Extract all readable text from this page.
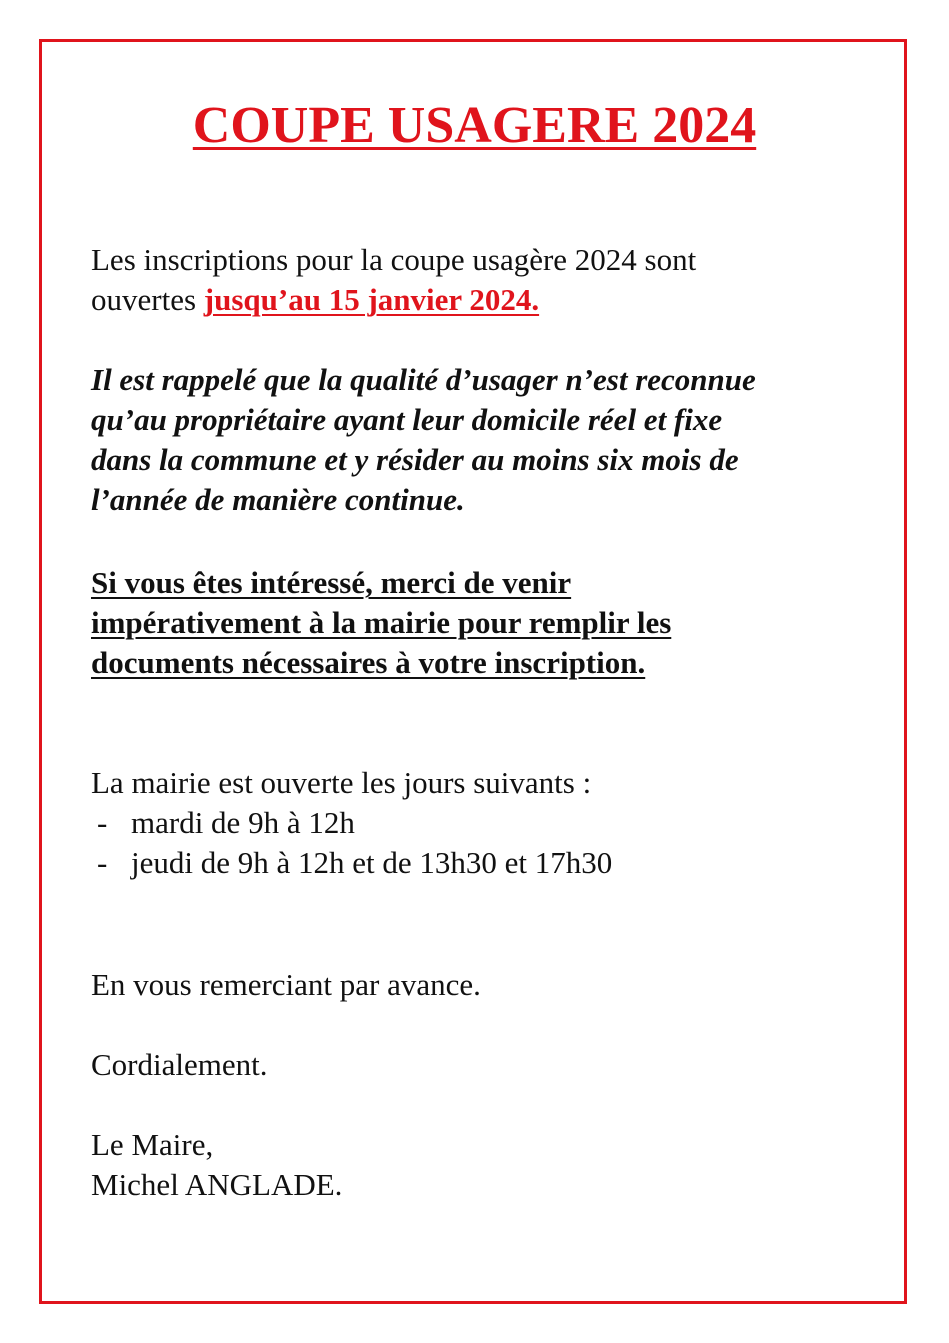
COUPE USAGERE 2024
Les inscriptions pour la coupe usagère 2024 sont
ouvertes jusqu’au 15 janvier 2024.
Il est rappelé que la qualité d’usager n’est reconnue
qu’au propriétaire ayant leur domicile réel et fixe
dans la commune et y résider au moins six mois de
l’année de manière continue.
Si vous êtes intéressé, merci de venir
impérativement à la mairie pour remplir les
documents nécessaires à votre inscription.
La mairie est ouverte les jours suivants :
- mardi de 9h à 12h
- jeudi de 9h à 12h et de 13h30 et 17h30
En vous remerciant par avance.
Cordialement.
Le Maire,
Michel ANGLADE.
